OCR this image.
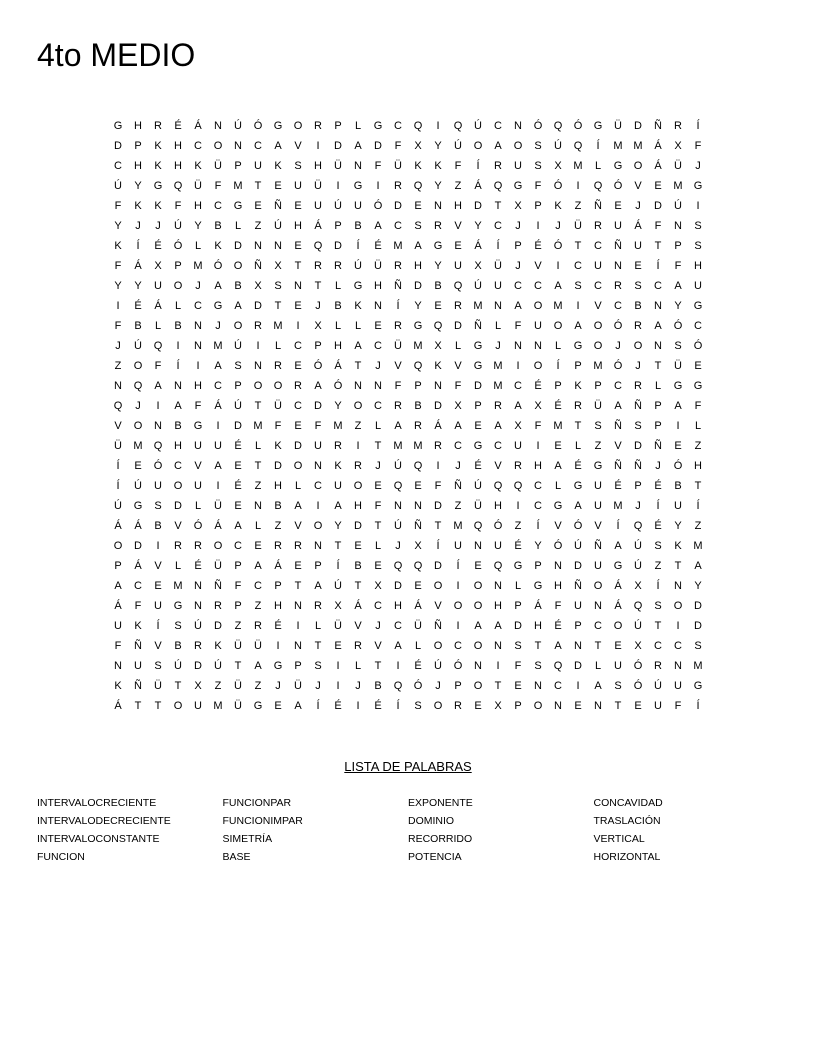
4to MEDIO
G	H	R	É	Á	N	Ú	Ó	G	O	R	P	L	G	C	Q	I	Q	Ú	C	N	Ó	Q	Ó	G	Ü	D	Ñ	R	Í
D	P	K	H	C	O	N	C	A	V	I	D	A	D	F	X	Y	Ú	O	A	O	S	Ú	Q	Í	M M	Á	X	F
C	H	K	H	K	Ü	P	U	K	S	H	Ü	N	F	Ü	K	K	F	Í	R	U	S	X	M	L	G	O	Á	Ü	J
Ú	Y	G	Q	Ü	F	M	T	E	U	Ü	I	G	I	R	Q	Y	Z	Á	Q	G	F	Ó	I	Q	Ó	V	E	M	G
F	K	K	F	H	C	G	E	Ñ	E	U	Ú	U	Ó	D	E	N	H	D	T	X	P	K	Z	Ñ	E	J	D	Ú	I
Y	J	J	Ú	Y	B	L	Z	Ú	H	Á	P	B	A	C	S	R	V	Y	C	J	I	J	Ü	R	U	Á	F	N	S
K	Í	É	Ó	L	K	D	N	N	E	Q	D	Í	É	M	A	G	E	Á	Í	P	É	Ó	T	C	Ñ	U	T	P	S
F	Á	X	P	M	Ó	O	Ñ	X	T	R	R	Ú	Ü	R	H	Y	U	X	Ü	J	V	I	C	U	N	E	Í	F	H
Y	Y	U	O	J	A	B	X	S	N	T	L	G	H	Ñ	D	B	Q	Ú	U	C	C	A	S	C	R	S	C	A	U
I	É	Á	L	C	G	A	D	T	E	J	B	K	N	Í	Y	E	R	M	N	A	O	M	I	V	C	B	N	Y	G
F	B	L	B	N	J	O	R	M	I	X	L	L	E	R	G	Q	D	Ñ	L	F	U	O	A	O	Ó	R	A	Ó	C
J	Ú	Q	I	N	M	Ú	I	L	C	P	H	A	C	Ü	M	X	L	G	J	N	N	L	G	O	J	O	N	S	Ó
Z	O	F	Í	I	A	S	N	R	E	Ó	Á	T	J	V	Q	K	V	G	M	I	O	Í	P	M	Ó	J	T	Ü	E
N	Q	A	N	H	C	P	O	O	R	A	Ó	N	N	F	P	N	F	D	M	C	É	P	K	P	C	R	L	G	G
Q	J	I	A	F	Á	Ú	T	Ü	C	D	Y	O	C	R	B	D	X	P	R	A	X	É	R	Ü	A	Ñ	P	A	F
V	O	N	B	G	I	D	M	F	E	F	M	Z	L	A	R	Á	A	E	A	X	F	M	T	S	Ñ	S	P	I	L
Ü	M	Q	H	U	U	É	L	K	D	U	R	I	T	M M	R	C	G	C	U	I	E	L	Z	V	D	Ñ	E	Z
Í	E	Ó	C	V	A	E	T	D	O	N	K	R	J	Ú	Q	I	J	É	V	R	H	A	É	G	Ñ	Ñ	J	Ó	H
Í	Ú	U	O	U	I	É	Z	H	L	C	U	O	E	Q	E	F	Ñ	Ú	Q	Q	C	L	G	U	É	P	É	B	T
Ú	G	S	D	L	Ü	E	N	B	A	I	A	H	F	N	N	D	Z	Ü	H	I	C	G	A	U	M	J	Í	U	Í
Á	Á	B	V	Ó	Á	A	L	Z	V	O	Y	D	T	Ú	Ñ	T	M	Q	Ó	Z	Í	V	Ó	V	Í	Q	É	Y	Z
O	D	I	R	R	O	C	E	R	R	N	T	E	L	J	X	Í	U	N	U	É	Y	Ó	Ú	Ñ	A	Ú	S	K	M
P	Á	V	L	É	Ü	P	A	Á	E	P	Í	B	E	Q	Q	D	Í	E	Q	G	P	N	D	U	G	Ú	Z	T	A
A	C	E	M	N	Ñ	F	C	P	T	A	Ú	T	X	D	E	O	I	O	N	L	G	H	Ñ	O	Á	X	Í	N	Y
Á	F	U	G	N	R	P	Z	H	N	R	X	Á	C	H	Á	V	O	O	H	P	Á	F	U	N	Á	Q	S	O	D
U	K	Í	S	Ú	D	Z	R	É	I	L	Ü	V	J	C	Ü	Ñ	I	A	A	D	H	É	P	C	O	Ú	T	I	D
F	Ñ	V	B	R	K	Ü	Ü	I	N	T	E	R	V	A	L	O	C	O	N	S	T	A	N	T	E	X	C	C	S
N	U	S	Ú	D	Ú	T	A	G	P	S	I	L	T	I	É	Ú	Ó	N	I	F	S	Q	D	L	U	Ó	R	N	M
K	Ñ	Ü	T	X	Z	Ü	Z	J	Ü	J	I	J	B	Q	Ó	J	P	O	T	E	N	C	I	A	S	Ó	Ú	U	G
Á	T	T	O	U	M	Ü	G	E	A	Í	É	I	É	Í	S	O	R	E	X	P	O	N	E	N	T	E	U	F	Í
LISTA DE PALABRAS
INTERVALOCRECIENTE	FUNCIONPAR	EXPONENTE	CONCAVIDAD
INTERVALODECRECIENTE	FUNCIONIMPAR	DOMINIO	TRASLACIÓN
INTERVALOCONSTANTE	SIMETRÍA	RECORRIDO	VERTICAL
FUNCION	BASE	POTENCIA	HORIZONTAL
